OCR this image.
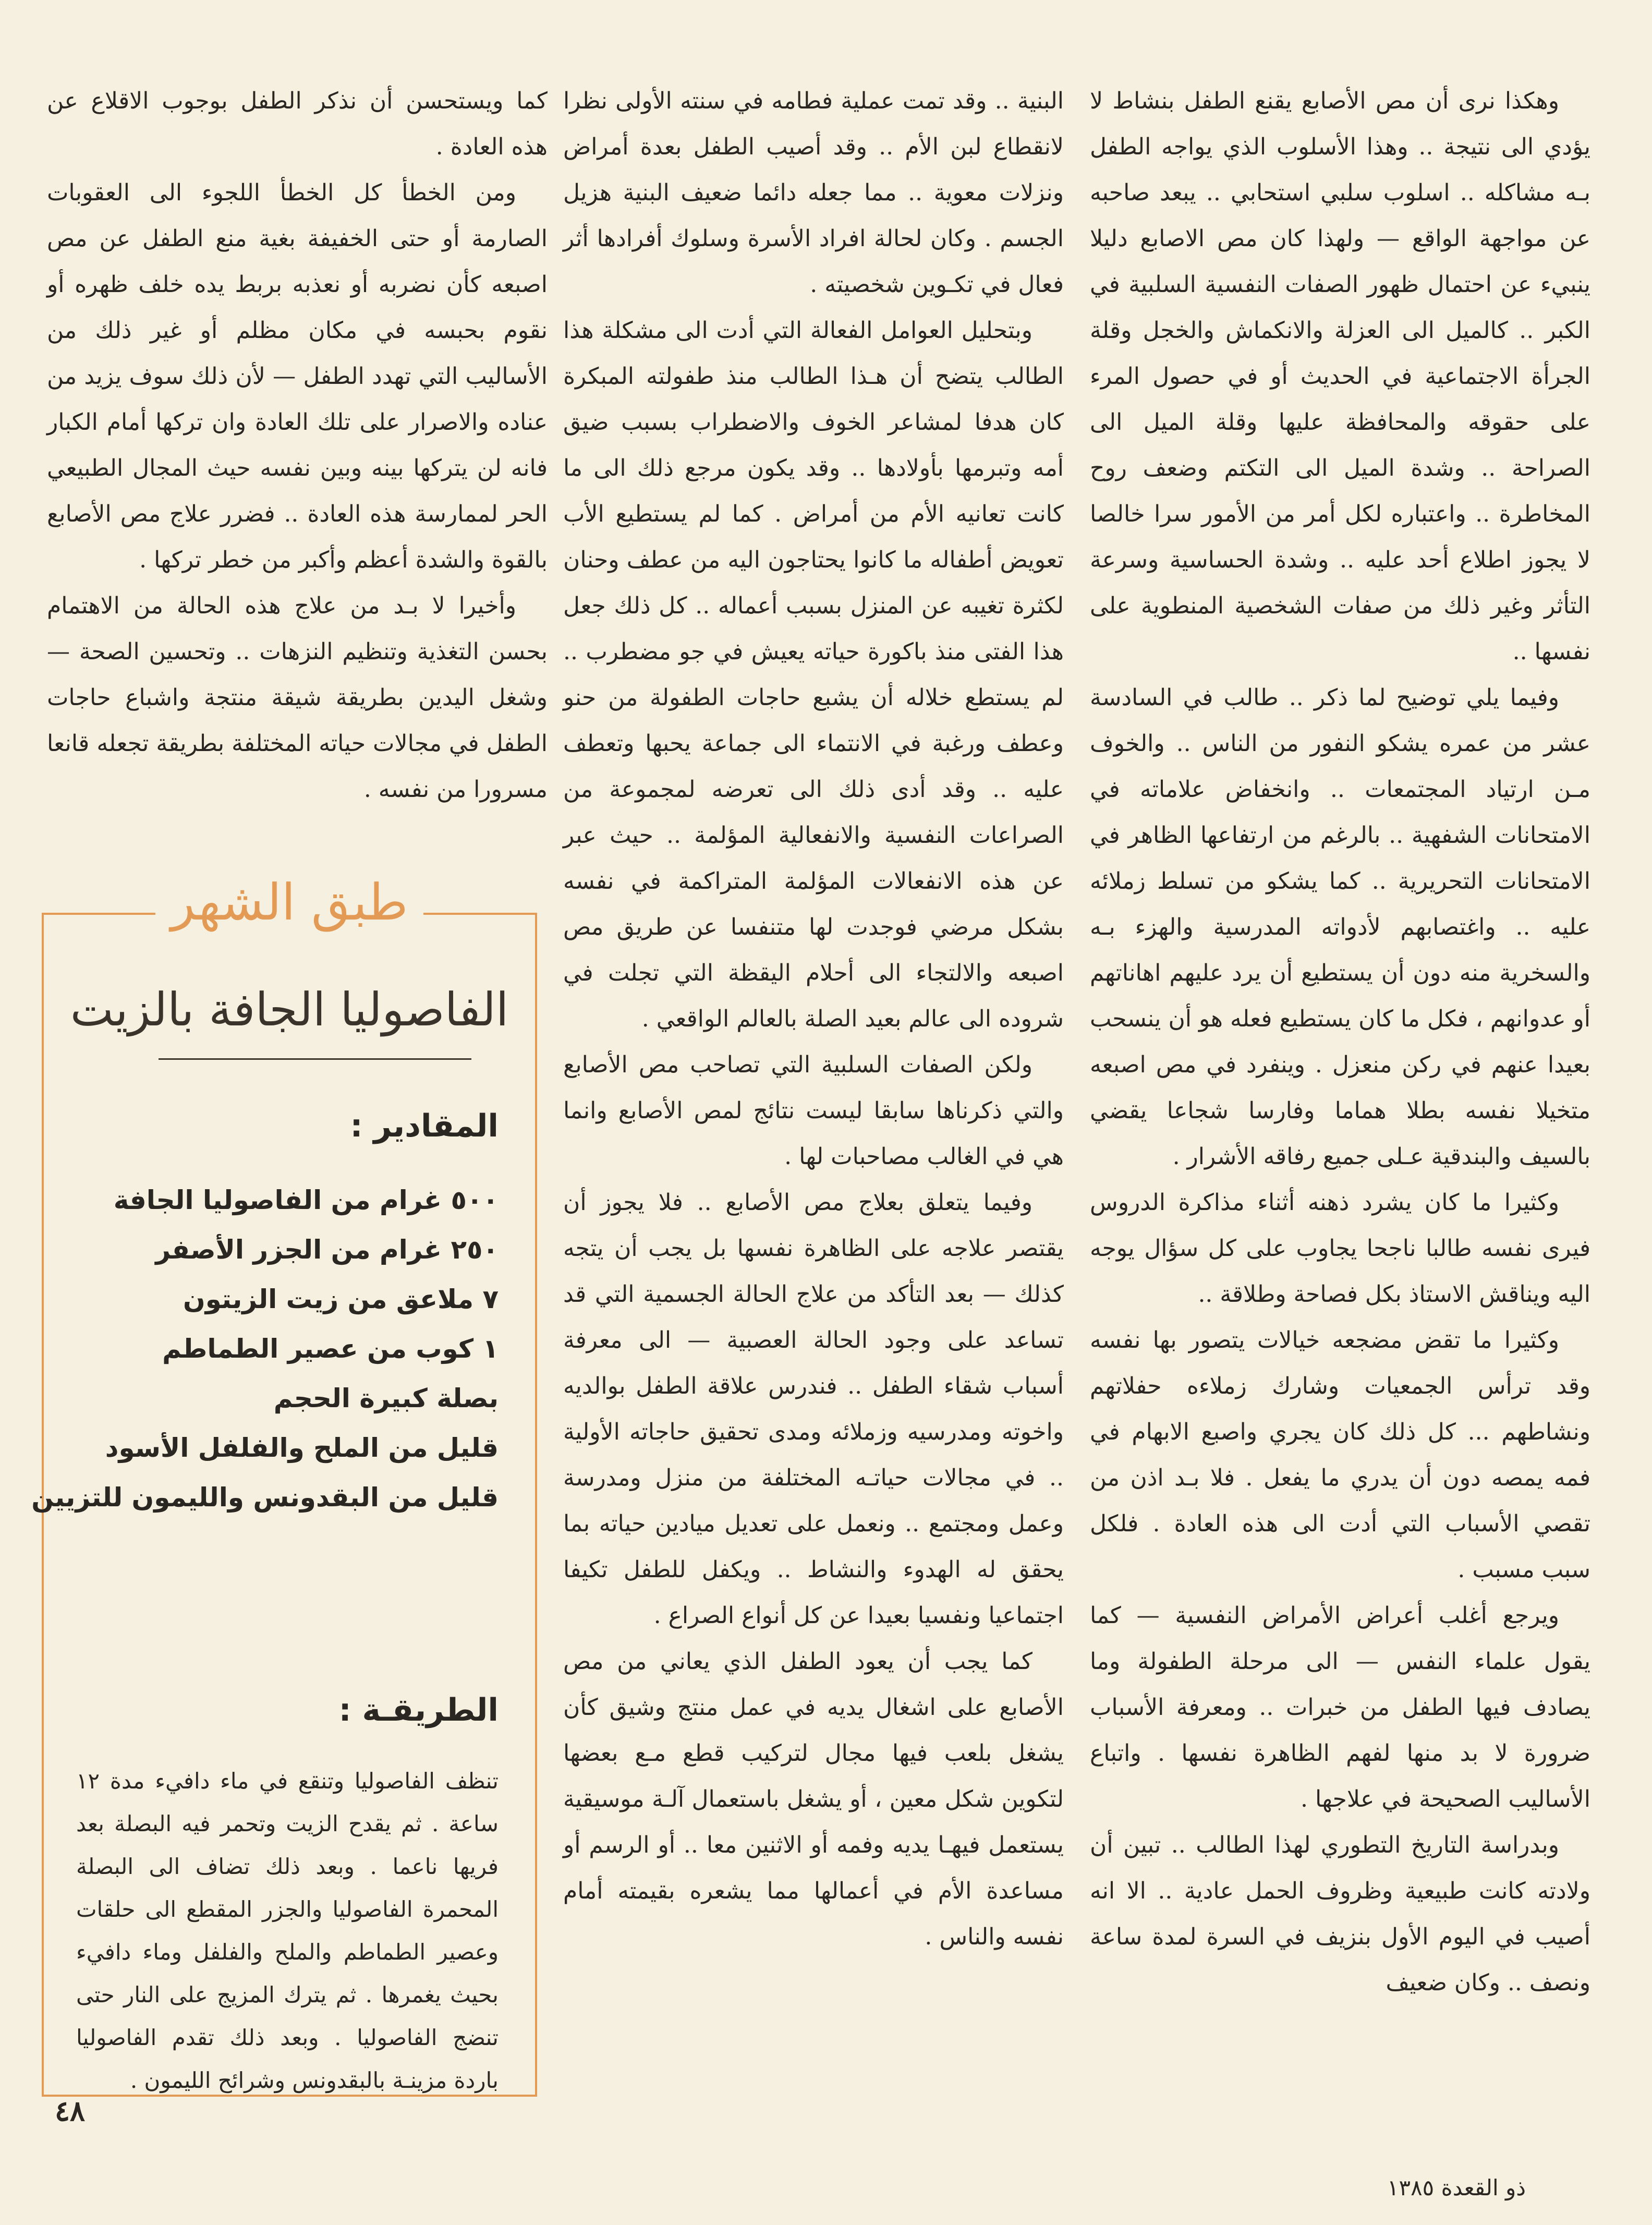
وهكذا نرى أن مص الأصابع يقنع الطفل بنشاط لا يؤدي الى نتيجة .. وهذا الأسلوب الذي يواجه الطفل بـه مشاكله .. اسلوب سلبي استحابي .. يبعد صاحبه عن مواجهة الواقع — ولهذا كان مص الاصابع دليلا ينبيء عن احتمال ظهور الصفات النفسية السلبية في الكبر .. كالميل الى العزلة والانكماش والخجل وقلة الجرأة الاجتماعية في الحديث أو في حصول المرء على حقوقه والمحافظة عليها وقلة الميل الى الصراحة .. وشدة الميل الى التكتم وضعف روح المخاطرة .. واعتباره لكل أمر من الأمور سرا خالصا لا يجوز اطلاع أحد عليه .. وشدة الحساسية وسرعة التأثر وغير ذلك من صفات الشخصية المنطوية على نفسها ..

وفيما يلي توضيح لما ذكر .. طالب في السادسة عشر من عمره يشكو النفور من الناس .. والخوف مـن ارتياد المجتمعات .. وانخفاض علاماته في الامتحانات الشفهية .. بالرغم من ارتفاعها الظاهر في الامتحانات التحريرية .. كما يشكو من تسلط زملائه عليه .. واغتصابهم لأدواته المدرسية والهزء بـه والسخرية منه دون أن يستطيع أن يرد عليهم اهاناتهم أو عدوانهم ، فكل ما كان يستطيع فعله هو أن ينسحب بعيدا عنهم في ركن منعزل . وينفرد في مص اصبعه متخيلا نفسه بطلا هماما وفارسا شجاعا يقضي بالسيف والبندقية عـلى جميع رفاقه الأشرار .

وكثيرا ما كان يشرد ذهنه أثناء مذاكرة الدروس فيرى نفسه طالبا ناجحا يجاوب على كل سؤال يوجه اليه ويناقش الاستاذ بكل فصاحة وطلاقة ..

وكثيرا ما تقض مضجعه خيالات يتصور بها نفسه وقد ترأس الجمعيات وشارك زملاءه حفلاتهم ونشاطهم ... كل ذلك كان يجري واصبع الابهام في فمه يمصه دون أن يدري ما يفعل . فلا بـد اذن من تقصي الأسباب التي أدت الى هذه العادة . فلكل سبب مسبب .

ويرجع أغلب أعراض الأمراض النفسية — كما يقول علماء النفس — الى مرحلة الطفولة وما يصادف فيها الطفل من خبرات .. ومعرفة الأسباب ضرورة لا بد منها لفهم الظاهرة نفسها . واتباع الأساليب الصحيحة في علاجها .

وبدراسة التاريخ التطوري لهذا الطالب .. تبين أن ولادته كانت طبيعية وظروف الحمل عادية .. الا انه أصيب في اليوم الأول بنزيف في السرة لمدة ساعة ونصف .. وكان ضعيف

البنية .. وقد تمت عملية فطامه في سنته الأولى نظرا لانقطاع لبن الأم .. وقد أصيب الطفل بعدة أمراض ونزلات معوية .. مما جعله دائما ضعيف البنية هزيل الجسم . وكان لحالة افراد الأسرة وسلوك أفرادها أثر فعال في تكـوين شخصيته .

وبتحليل العوامل الفعالة التي أدت الى مشكلة هذا الطالب يتضح أن هـذا الطالب منذ طفولته المبكرة كان هدفا لمشاعر الخوف والاضطراب بسبب ضيق أمه وتبرمها بأولادها .. وقد يكون مرجع ذلك الى ما كانت تعانيه الأم من أمراض . كما لم يستطيع الأب تعويض أطفاله ما كانوا يحتاجون اليه من عطف وحنان لكثرة تغيبه عن المنزل بسبب أعماله .. كل ذلك جعل هذا الفتى منذ باكورة حياته يعيش في جو مضطرب .. لم يستطع خلاله أن يشبع حاجات الطفولة من حنو وعطف ورغبة في الانتماء الى جماعة يحبها وتعطف عليه .. وقد أدى ذلك الى تعرضه لمجموعة من الصراعات النفسية والانفعالية المؤلمة .. حيث عبر عن هذه الانفعالات المؤلمة المتراكمة في نفسه بشكل مرضي فوجدت لها متنفسا عن طريق مص اصبعه والالتجاء الى أحلام اليقظة التي تجلت في شروده الى عالم بعيد الصلة بالعالم الواقعي .

ولكن الصفات السلبية التي تصاحب مص الأصابع والتي ذكرناها سابقا ليست نتائج لمص الأصابع وانما هي في الغالب مصاحبات لها .

وفيما يتعلق بعلاج مص الأصابع .. فلا يجوز أن يقتصر علاجه على الظاهرة نفسها بل يجب أن يتجه كذلك — بعد التأكد من علاج الحالة الجسمية التي قد تساعد على وجود الحالة العصبية — الى معرفة أسباب شقاء الطفل .. فندرس علاقة الطفل بوالديه واخوته ومدرسيه وزملائه ومدى تحقيق حاجاته الأولية .. في مجالات حياتـه المختلفة من منزل ومدرسة وعمل ومجتمع .. ونعمل على تعديل ميادين حياته بما يحقق له الهدوء والنشاط .. ويكفل للطفل تكيفا اجتماعيا ونفسيا بعيدا عن كل أنواع الصراع .

كما يجب أن يعود الطفل الذي يعاني من مص الأصابع على اشغال يديه في عمل منتج وشيق كأن يشغل بلعب فيها مجال لتركيب قطع مـع بعضها لتكوين شكل معين ، أو يشغل باستعمال آلـة موسيقية يستعمل فيهـا يديه وفمه أو الاثنين معا .. أو الرسم أو مساعدة الأم في أعمالها مما يشعره بقيمته أمام نفسه والناس .

كما ويستحسن أن نذكر الطفل بوجوب الاقلاع عن هذه العادة .

ومن الخطأ كل الخطأ اللجوء الى العقوبات الصارمة أو حتى الخفيفة بغية منع الطفل عن مص اصبعه كأن نضربه أو نعذبه بربط يده خلف ظهره أو نقوم بحبسه في مكان مظلم أو غير ذلك من الأساليب التي تهدد الطفل — لأن ذلك سوف يزيد من عناده والاصرار على تلك العادة وان تركها أمام الكبار فانه لن يتركها بينه وبين نفسه حيث المجال الطبيعي الحر لممارسة هذه العادة .. فضرر علاج مص الأصابع بالقوة والشدة أعظم وأكبر من خطر تركها .

وأخيرا لا بـد من علاج هذه الحالة من الاهتمام بحسن التغذية وتنظيم النزهات .. وتحسين الصحة — وشغل اليدين بطريقة شيقة منتجة واشباع حاجات الطفل في مجالات حياته المختلفة بطريقة تجعله قانعا مسرورا من نفسه .

طبق الشهر
الفاصوليا الجافة بالزيت
المقادير :
٥٠٠ غرام من الفاصوليا الجافة
٢٥٠ غرام من الجزر الأصفر
٧ ملاعق من زيت الزيتون
١ كوب من عصير الطماطم
بصلة كبيرة الحجم
قليل من الملح والفلفل الأسود
قليل من البقدونس والليمون للتزيين
الطريقـة :
تنظف الفاصوليا وتنقع في ماء دافيء مدة ١٢ ساعة . ثم يقدح الزيت وتحمر فيه البصلة بعد فريها ناعما . وبعد ذلك تضاف الى البصلة المحمرة الفاصوليا والجزر المقطع الى حلقات وعصير الطماطم والملح والفلفل وماء دافيء بحيث يغمرها . ثم يترك المزيج على النار حتى تنضج الفاصوليا . وبعد ذلك تقدم الفاصوليا باردة مزينـة بالبقدونس وشرائح الليمون .
٤٨
ذو القعدة ١٣٨٥
